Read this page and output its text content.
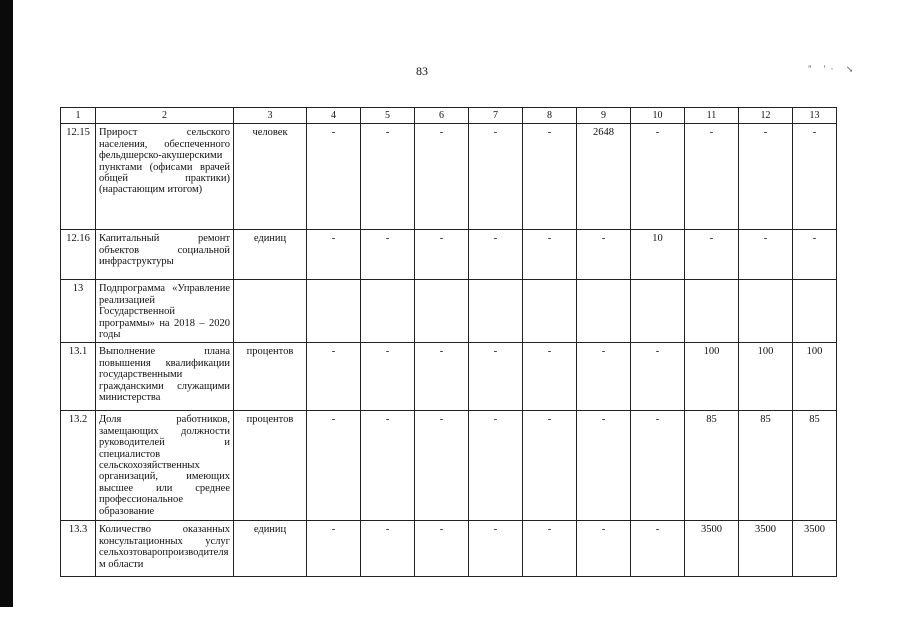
83	" '· ↘
1	2	3	4	5	6	7	8	9	10	11	12	13
12.15	Прирост сельского населения, обеспеченного фельдшерско-акушерскими пунктами (офисами врачей общей практики) (нарастающим итогом)	человек	-	-	-	-	-	2648	-	-	-	-
12.16	Капитальный ремонт объектов социальной инфраструктуры	единиц	-	-	-	-	-	-	10	-	-	-
13	Подпрограмма «Управление реализацией Государственной программы» на 2018 – 2020 годы											
13.1	Выполнение плана повышения квалификации государственными гражданскими служащими министерства	процентов	-	-	-	-	-	-	-	100	100	100
13.2	Доля работников, замещающих должности руководителей и специалистов сельскохозяйственных организаций, имеющих высшее или среднее профессиональное образование	процентов	-	-	-	-	-	-	-	85	85	85
13.3	Количество оказанных консультационных услуг сельхозтоваропроизводителям области	единиц	-	-	-	-	-	-	-	3500	3500	3500
